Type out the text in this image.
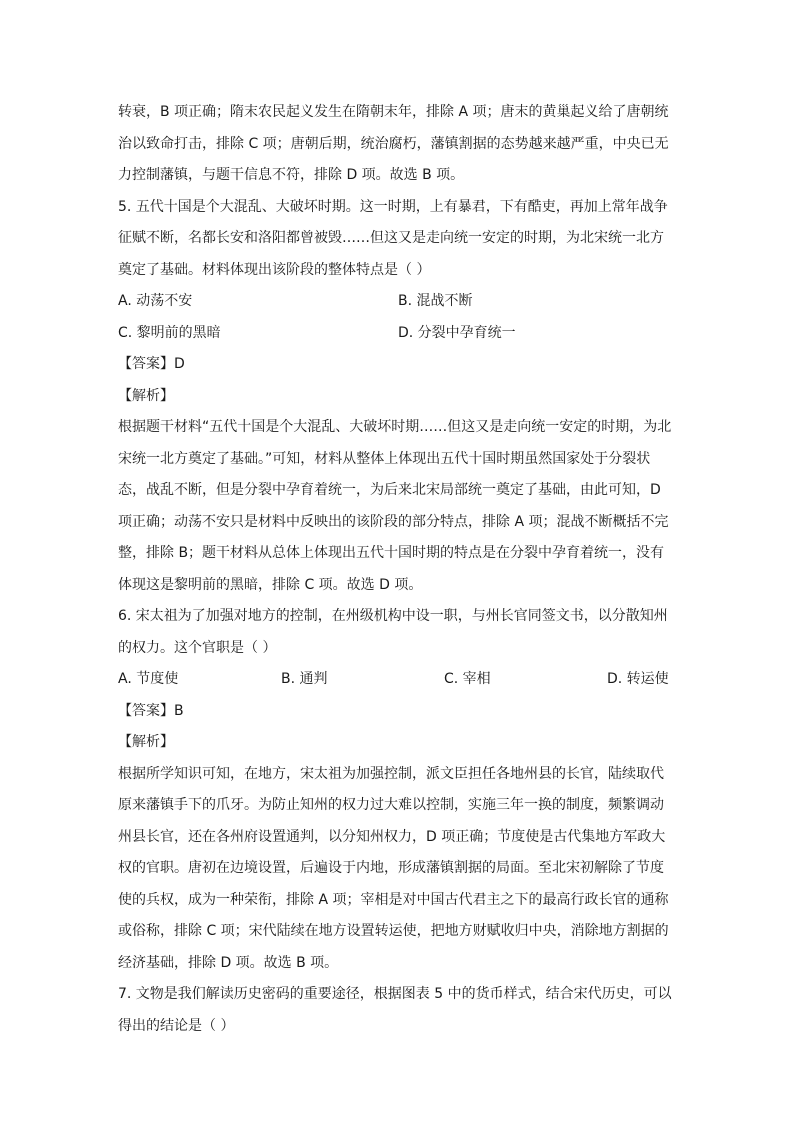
转衰，B 项正确；隋末农民起义发生在隋朝末年，排除 A 项；唐末的黄巢起义给了唐朝统
治以致命打击，排除 C 项；唐朝后期，统治腐朽，藩镇割据的态势越来越严重，中央已无
力控制藩镇，与题干信息不符，排除 D 项。故选 B 项。
5. 五代十国是个大混乱、大破坏时期。这一时期，上有暴君，下有酷吏，再加上常年战争
征赋不断，名都长安和洛阳都曾被毁……但这又是走向统一安定的时期，为北宋统一北方
奠定了基础。材料体现出该阶段的整体特点是（ ）
A. 动荡不安	B. 混战不断
C. 黎明前的黑暗	D. 分裂中孕育统一
【答案】D
【解析】
根据题干材料“五代十国是个大混乱、大破坏时期……但这又是走向统一安定的时期，为北
宋统一北方奠定了基础。”可知，材料从整体上体现出五代十国时期虽然国家处于分裂状
态，战乱不断，但是分裂中孕育着统一，为后来北宋局部统一奠定了基础，由此可知，D
项正确；动荡不安只是材料中反映出的该阶段的部分特点，排除 A 项；混战不断概括不完
整，排除 B；题干材料从总体上体现出五代十国时期的特点是在分裂中孕育着统一，没有
体现这是黎明前的黑暗，排除 C 项。故选 D 项。
6. 宋太祖为了加强对地方的控制，在州级机构中设一职，与州长官同签文书，以分散知州
的权力。这个官职是（ ）
A. 节度使	B. 通判	C. 宰相	D. 转运使
【答案】B
【解析】
根据所学知识可知，在地方，宋太祖为加强控制，派文臣担任各地州县的长官，陆续取代
原来藩镇手下的爪牙。为防止知州的权力过大难以控制，实施三年一换的制度，频繁调动
州县长官，还在各州府设置通判，以分知州权力，D 项正确；节度使是古代集地方军政大
权的官职。唐初在边境设置，后遍设于内地，形成藩镇割据的局面。至北宋初解除了节度
使的兵权，成为一种荣衔，排除 A 项；宰相是对中国古代君主之下的最高行政长官的通称
或俗称，排除 C 项；宋代陆续在地方设置转运使，把地方财赋收归中央，消除地方割据的
经济基础，排除 D 项。故选 B 项。
7. 文物是我们解读历史密码的重要途径，根据图表 5 中的货币样式，结合宋代历史，可以
得出的结论是（ ）
